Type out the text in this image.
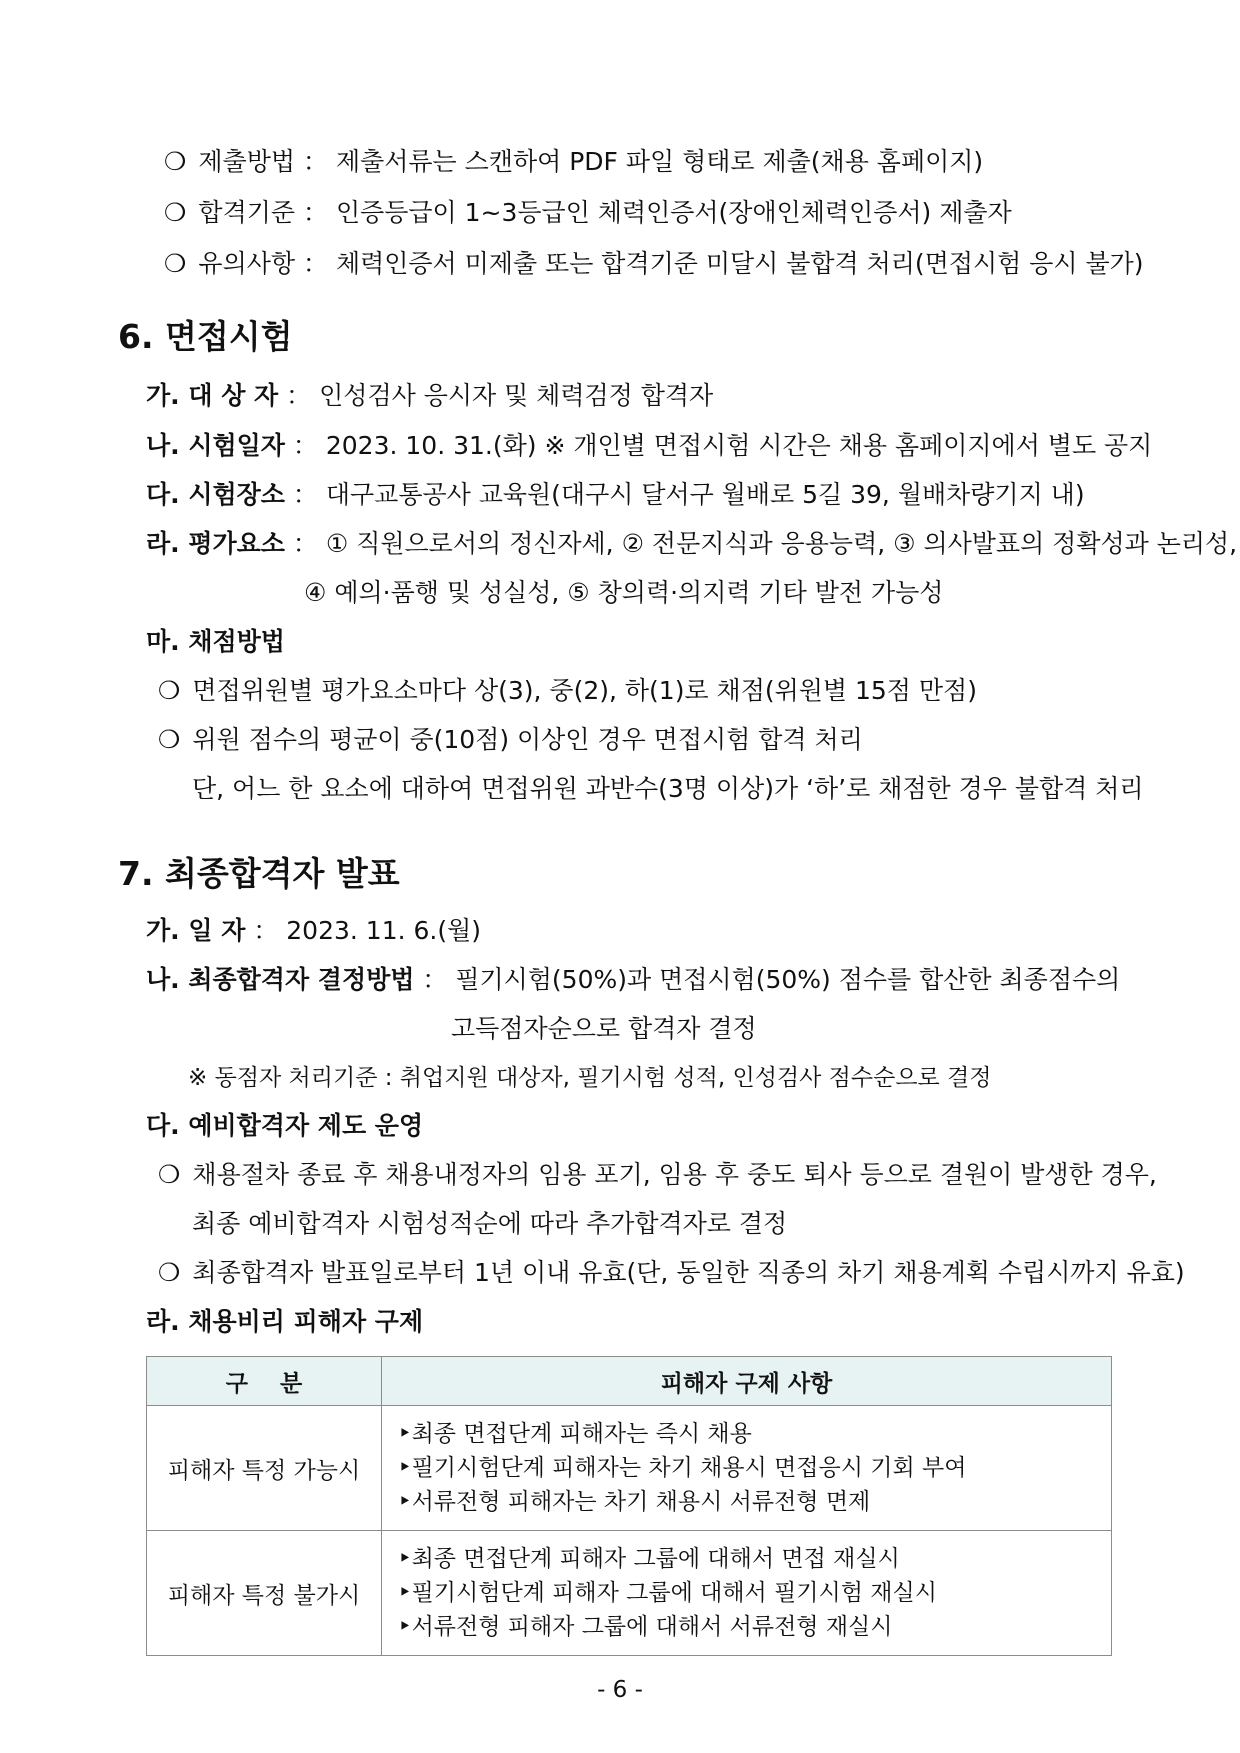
❍ 제출방법 ： 제출서류는 스캔하여 PDF 파일 형태로 제출(채용 홈페이지)
❍ 합격기준 ： 인증등급이 1~3등급인 체력인증서(장애인체력인증서) 제출자
❍ 유의사항 ： 체력인증서 미제출 또는 합격기준 미달시 불합격 처리(면접시험 응시 불가)
6. 면접시험
가. 대 상 자 ： 인성검사 응시자 및 체력검정 합격자
나. 시험일자 ： 2023. 10. 31.(화) ※ 개인별 면접시험 시간은 채용 홈페이지에서 별도 공지
다. 시험장소 ： 대구교통공사 교육원(대구시 달서구 월배로 5길 39, 월배차량기지 내)
라. 평가요소 ： ① 직원으로서의 정신자세, ② 전문지식과 응용능력, ③ 의사발표의 정확성과 논리성,
④ 예의·품행 및 성실성, ⑤ 창의력·의지력 기타 발전 가능성
마. 채점방법
❍ 면접위원별 평가요소마다 상(3), 중(2), 하(1)로 채점(위원별 15점 만점)
❍ 위원 점수의 평균이 중(10점) 이상인 경우 면접시험 합격 처리
단, 어느 한 요소에 대하여 면접위원 과반수(3명 이상)가 ‘하’로 채점한 경우 불합격 처리
7. 최종합격자 발표
가. 일 자 ： 2023. 11. 6.(월)
나. 최종합격자 결정방법 ： 필기시험(50%)과 면접시험(50%) 점수를 합산한 최종점수의
고득점자순으로 합격자 결정
※ 동점자 처리기준 : 취업지원 대상자, 필기시험 성적, 인성검사 점수순으로 결정
다. 예비합격자 제도 운영
❍ 채용절차 종료 후 채용내정자의 임용 포기, 임용 후 중도 퇴사 등으로 결원이 발생한 경우,
최종 예비합격자 시험성적순에 따라 추가합격자로 결정
❍ 최종합격자 발표일로부터 1년 이내 유효(단, 동일한 직종의 차기 채용계획 수립시까지 유효)
라. 채용비리 피해자 구제
구    분	피해자 구제 사항
피해자 특정 가능시	‣최종 면접단계 피해자는 즉시 채용
‣필기시험단계 피해자는 차기 채용시 면접응시 기회 부여
‣서류전형 피해자는 차기 채용시 서류전형 면제

피해자 특정 불가시	‣최종 면접단계 피해자 그룹에 대해서 면접 재실시
‣필기시험단계 피해자 그룹에 대해서 필기시험 재실시
‣서류전형 피해자 그룹에 대해서 서류전형 재실시
- 6 -
